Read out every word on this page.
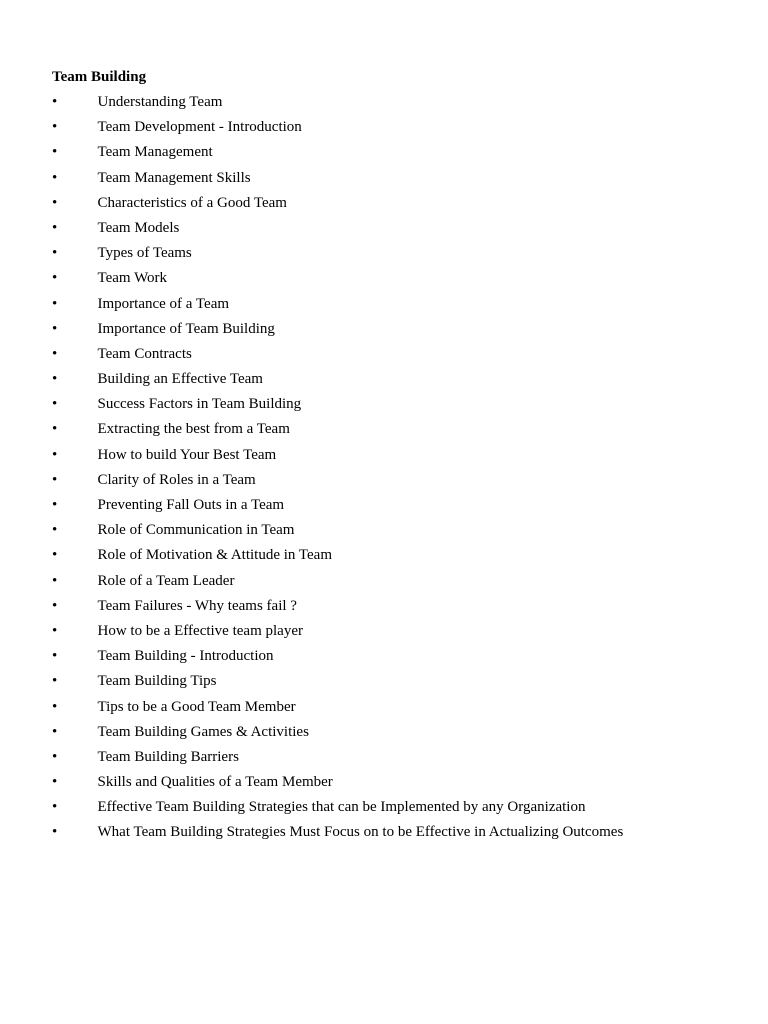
Team Building
•	Understanding Team
•	Team Development - Introduction
•	Team Management
•	Team Management Skills
•	Characteristics of a Good Team
•	Team Models
•	Types of Teams
•	Team Work
•	Importance of a Team
•	Importance of Team Building
•	Team Contracts
•	Building an Effective Team
•	Success Factors in Team Building
•	Extracting the best from a Team
•	How to build Your Best Team
•	Clarity of Roles in a Team
•	Preventing Fall Outs in a Team
•	Role of Communication in Team
•	Role of Motivation & Attitude in Team
•	Role of a Team Leader
•	Team Failures - Why teams fail ?
•	How to be a Effective team player
•	Team Building - Introduction
•	Team Building Tips
•	Tips to be a Good Team Member
•	Team Building Games & Activities
•	Team Building Barriers
•	Skills and Qualities of a Team Member
•	Effective Team Building Strategies that can be Implemented by any Organization
•	What Team Building Strategies Must Focus on to be Effective in Actualizing Outcomes
